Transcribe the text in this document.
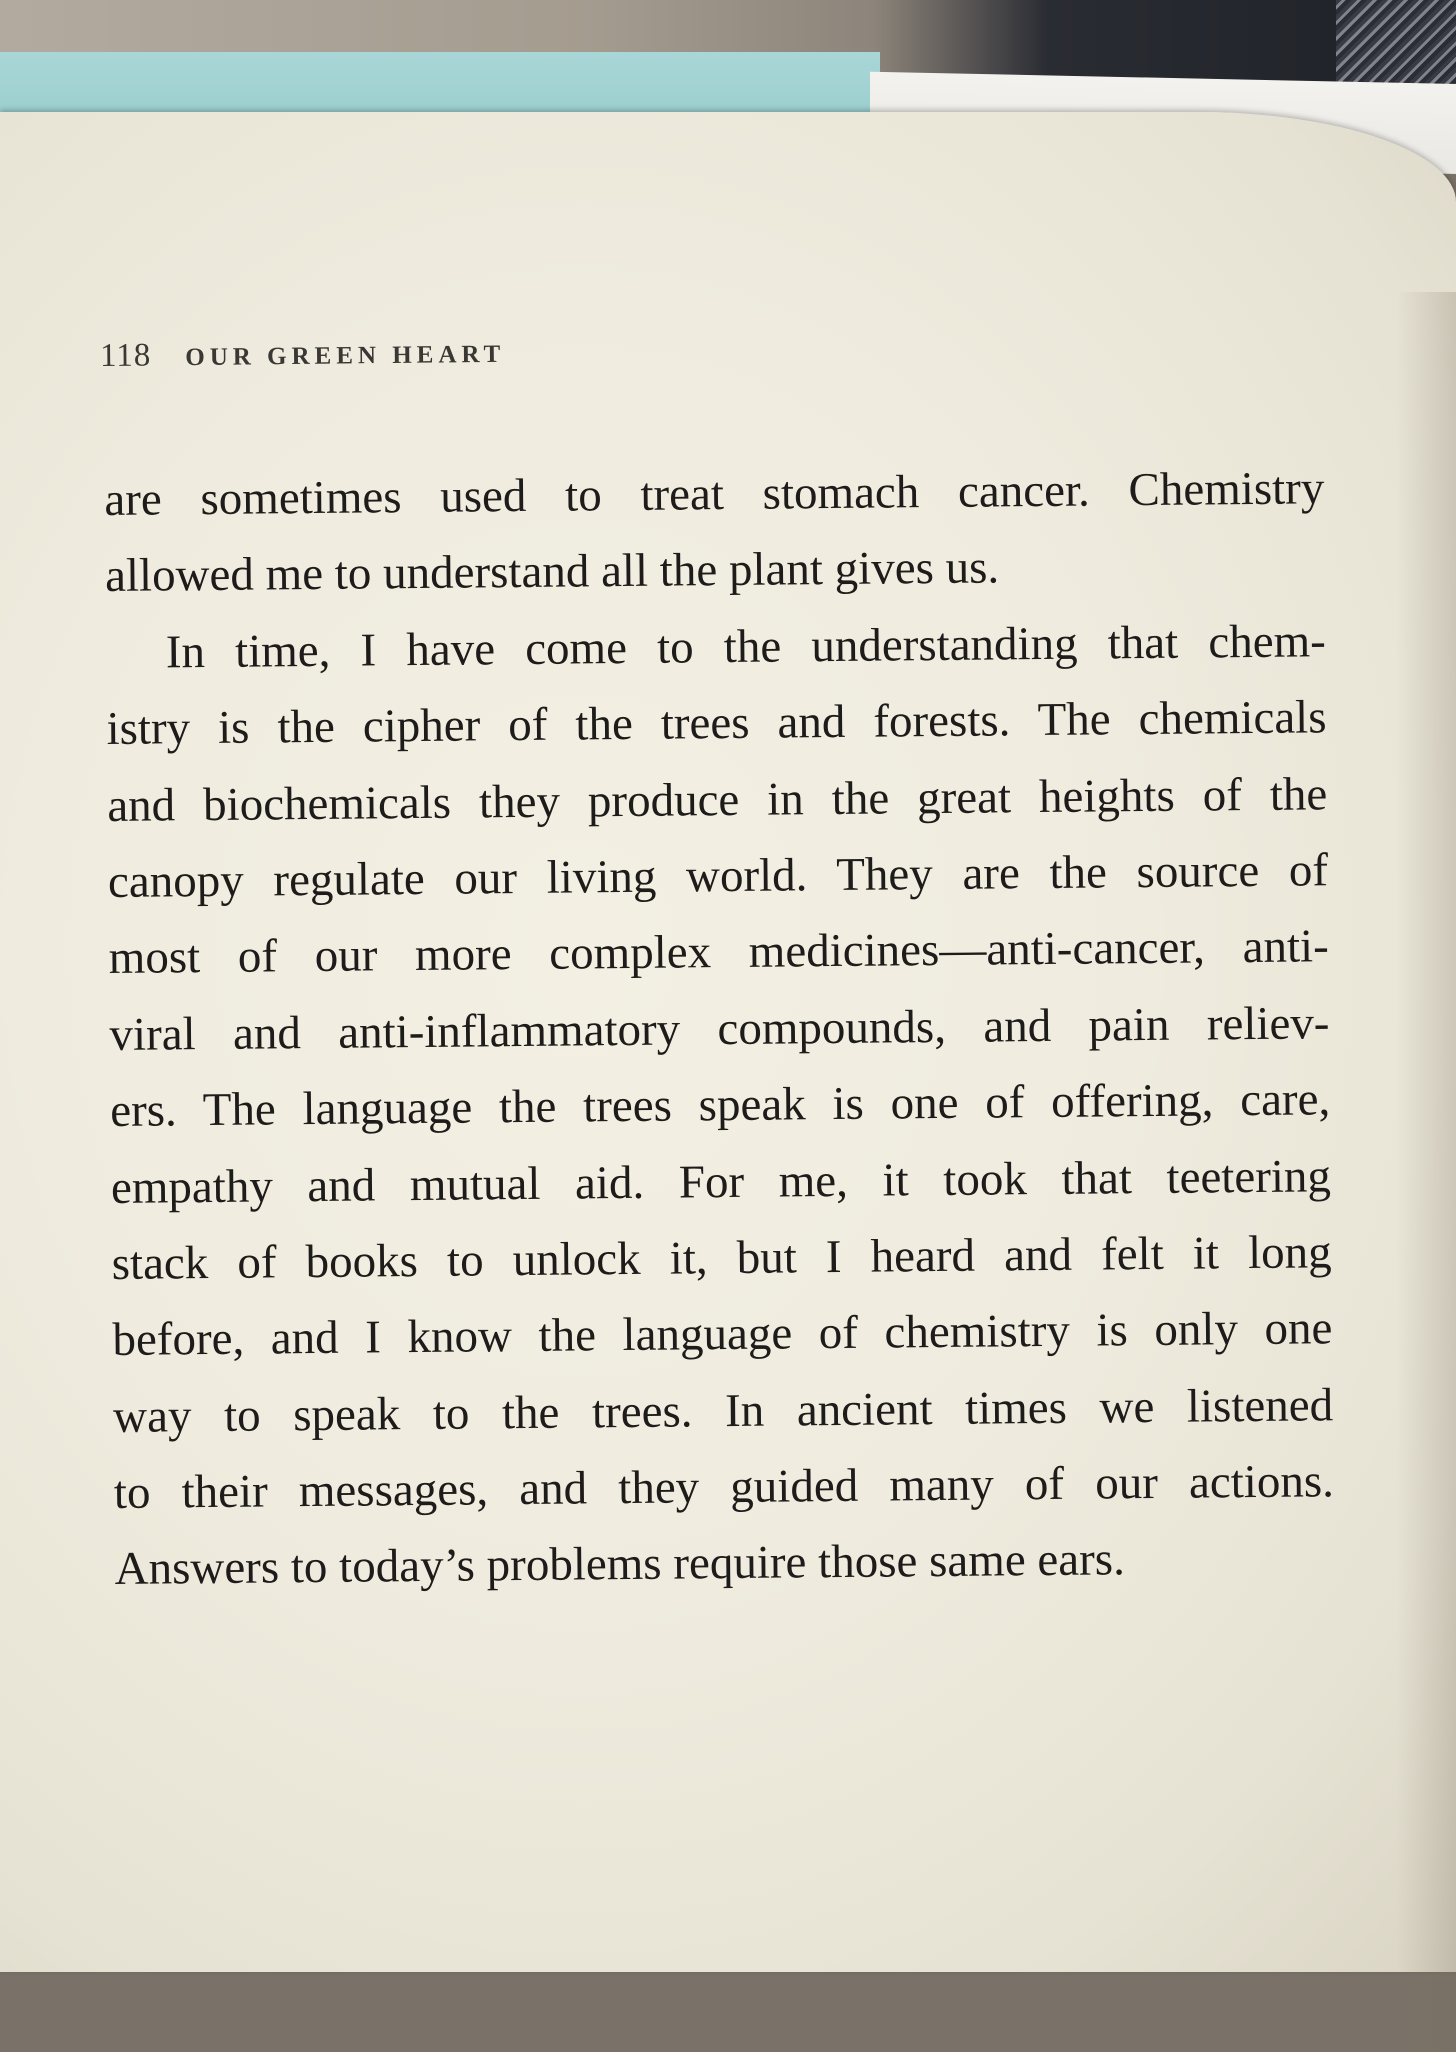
118 OUR GREEN HEART
are sometimes used to treat stomach cancer. Chemistry
allowed me to understand all the plant gives us.
In time, I have come to the understanding that chem-
istry is the cipher of the trees and forests. The chemicals
and biochemicals they produce in the great heights of the
canopy regulate our living world. They are the source of
most of our more complex medicines—anti-cancer, anti-
viral and anti-inflammatory compounds, and pain reliev-
ers. The language the trees speak is one of offering, care,
empathy and mutual aid. For me, it took that teetering
stack of books to unlock it, but I heard and felt it long
before, and I know the language of chemistry is only one
way to speak to the trees. In ancient times we listened
to their messages, and they guided many of our actions.
Answers to today’s problems require those same ears.
